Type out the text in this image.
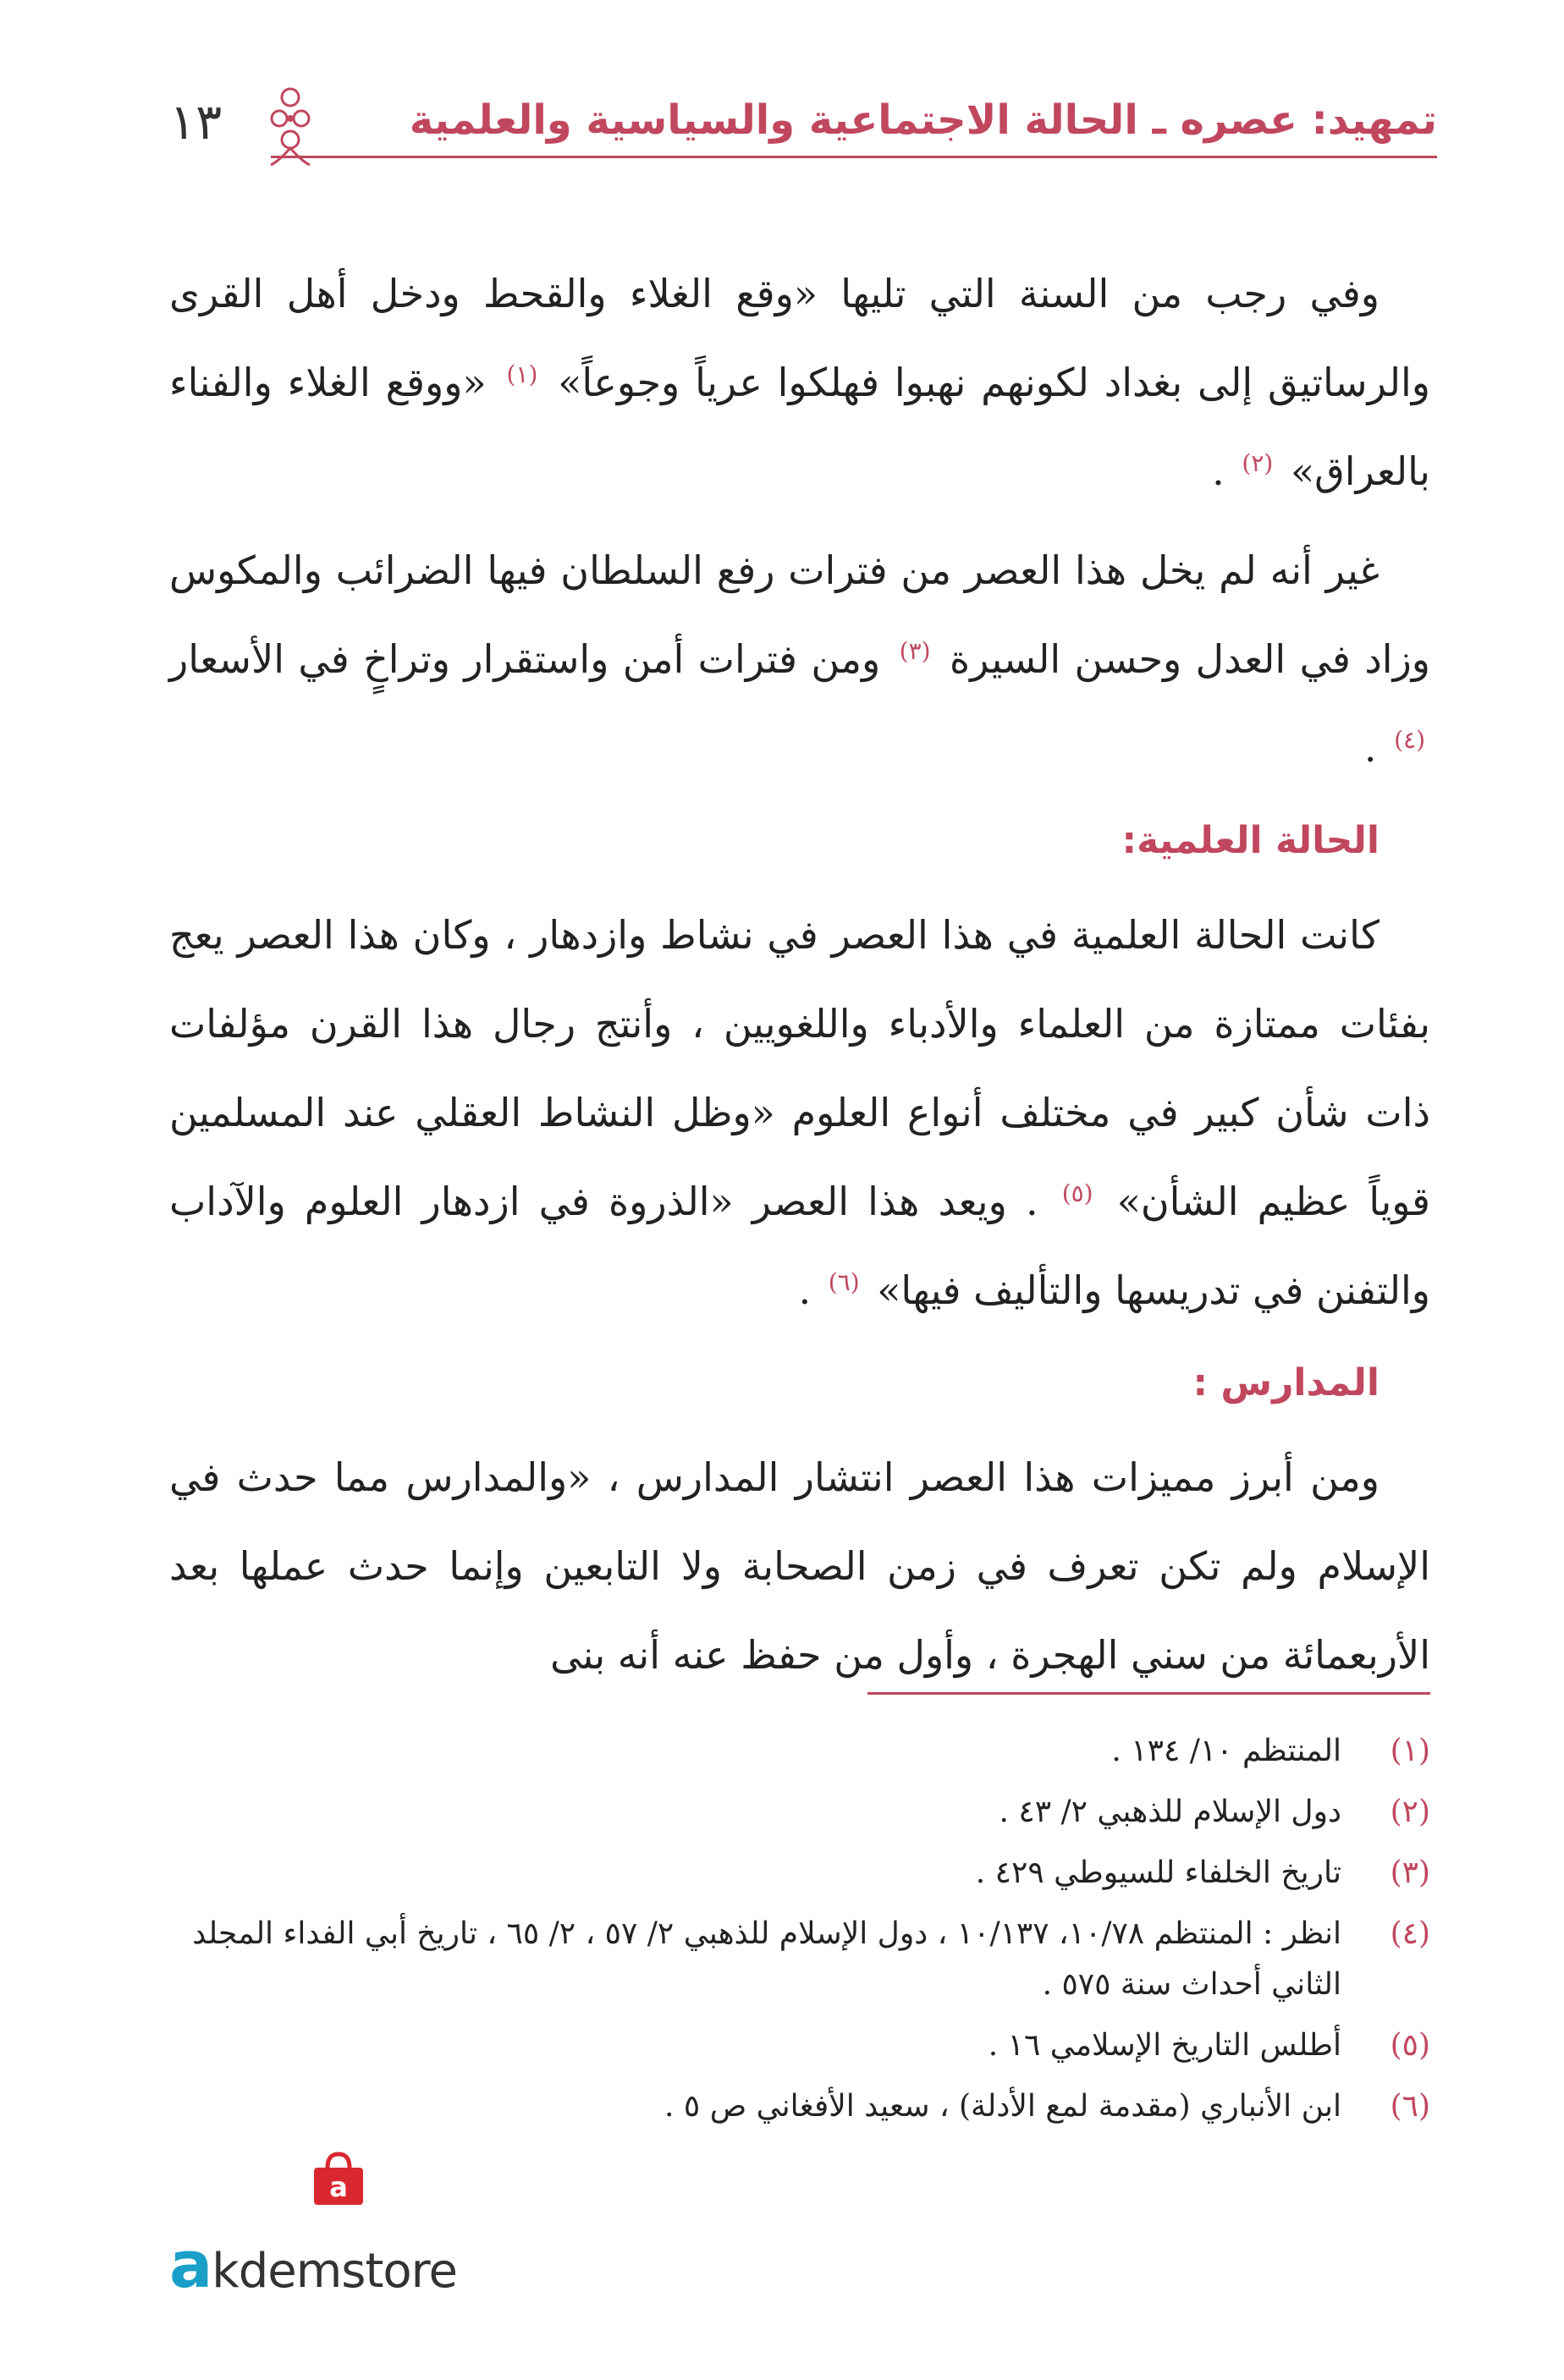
تمهيد: عصره ـ الحالة الاجتماعية والسياسية والعلمية
١٣

وفي رجب من السنة التي تليها «وقع الغلاء والقحط ودخل أهل القرى والرساتيق إلى بغداد لكونهم نهبوا فهلكوا عرياً وجوعاً» $^{(١)}$ «ووقع الغلاء والفناء بالعراق» $^{(٢)}$ .

غير أنه لم يخل هذا العصر من فترات رفع السلطان فيها الضرائب والمكوس وزاد في العدل وحسن السيرة $^{(٣)}$ ومن فترات أمن واستقرار وتراخٍ في الأسعار $^{(٤)}$ .

الحالة العلمية:

كانت الحالة العلمية في هذا العصر في نشاط وازدهار ، وكان هذا العصر يعج بفئات ممتازة من العلماء والأدباء واللغويين ، وأنتج رجال هذا القرن مؤلفات ذات شأن كبير في مختلف أنواع العلوم «وظل النشاط العقلي عند المسلمين قوياً عظيم الشأن» $^{(٥)}$ . ويعد هذا العصر «الذروة في ازدهار العلوم والآداب والتفنن في تدريسها والتأليف فيها» $^{(٦)}$ .

المدارس :

ومن أبرز مميزات هذا العصر انتشار المدارس ، «والمدارس مما حدث في الإسلام ولم تكن تعرف في زمن الصحابة ولا التابعين وإنما حدث عملها بعد الأربعمائة من سني الهجرة ، وأول من حفظ عنه أنه بنى

(١)
المنتظم ١٠/ ١٣٤ .
(٢)
دول الإسلام للذهبي ٢/ ٤٣ .
(٣)
تاريخ الخلفاء للسيوطي ٤٢٩ .
(٤)
انظر : المنتظم ١٠/٧٨، ١٠/١٣٧ ، دول الإسلام للذهبي ٢/ ٥٧ ، ٢/ ٦٥ ، تاريخ أبي الفداء المجلد الثاني أحداث سنة ٥٧٥ .
(٥)
أطلس التاريخ الإسلامي ١٦ .
(٦)
ابن الأنباري (مقدمة لمع الأدلة) ، سعيد الأفغاني ص ٥ .
a
akdemstore
